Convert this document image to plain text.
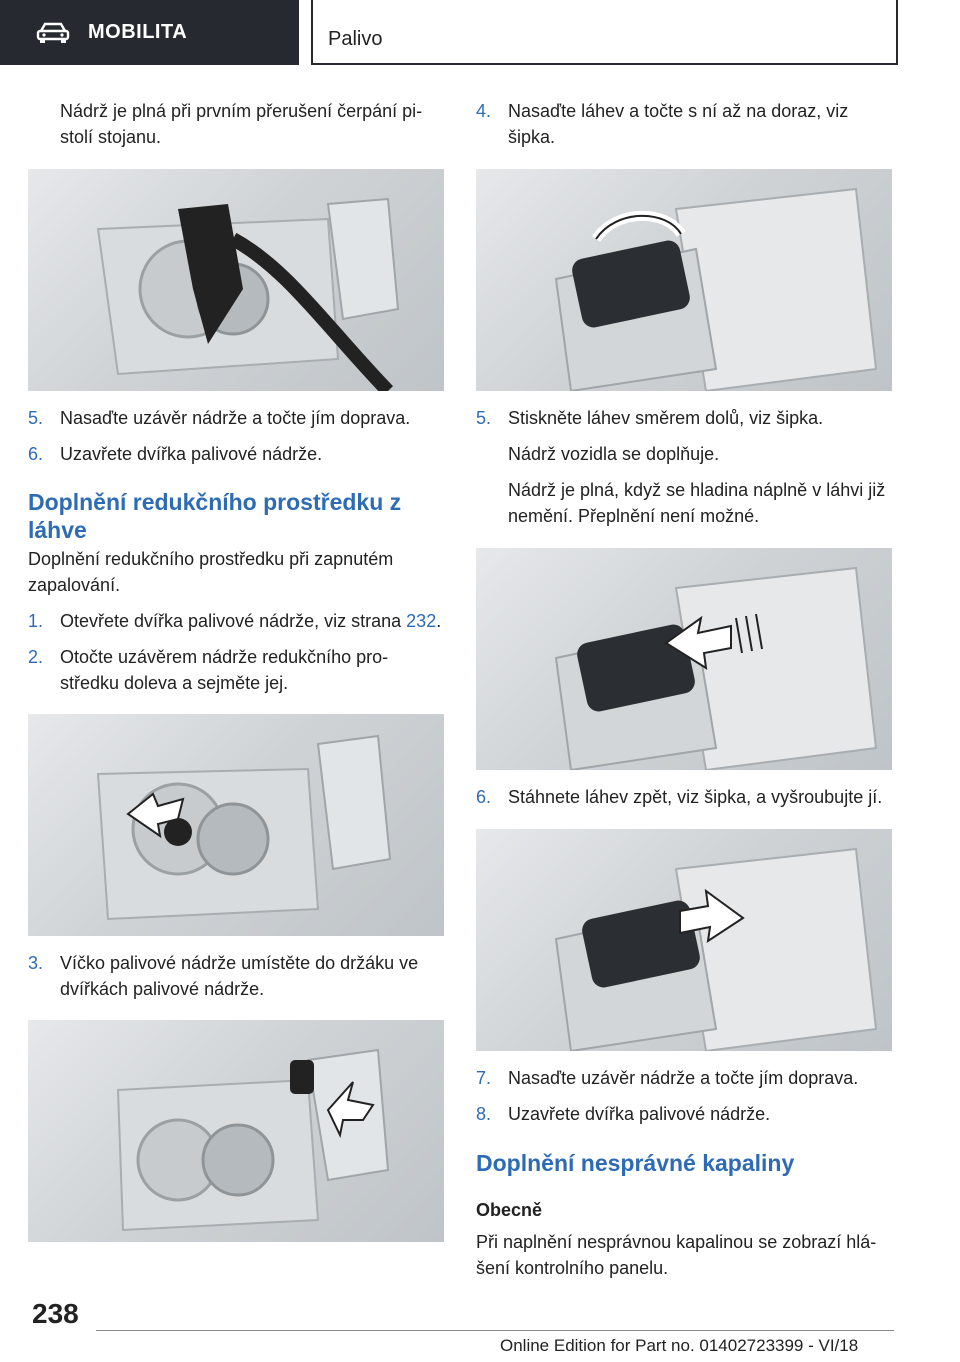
MOBILITA	Palivo

Nádrž je plná při prvním přerušení čerpání pi-stolí stojanu.

5. Nasaďte uzávěr nádrže a točte jím doprava.
6. Uzavřete dvířka palivové nádrže.
Doplnění redukčního prostředku z láhve

Doplnění redukčního prostředku při zapnutém zapalování.

1. Otevřete dvířka palivové nádrže, viz strana 232.
2. Otočte uzávěrem nádrže redukčního pro-středku doleva a sejměte jej.
3. Víčko palivové nádrže umístěte do držáku ve dvířkách palivové nádrže.
4. Nasaďte láhev a točte s ní až na doraz, viz šipka.
5. Stiskněte láhev směrem dolů, viz šipka.

Nádrž vozidla se doplňuje.

Nádrž je plná, když se hladina náplně v láhvi již nemění. Přeplnění není možné.

6. Stáhnete láhev zpět, viz šipka, a vyšroubujte jí.
7. Nasaďte uzávěr nádrže a točte jím doprava.
8. Uzavřete dvířka palivové nádrže.
Doplnění nesprávné kapaliny
Obecně

Při naplnění nesprávnou kapalinou se zobrazí hlá-šení kontrolního panelu.

238
Online Edition for Part no. 01402723399 - VI/18
